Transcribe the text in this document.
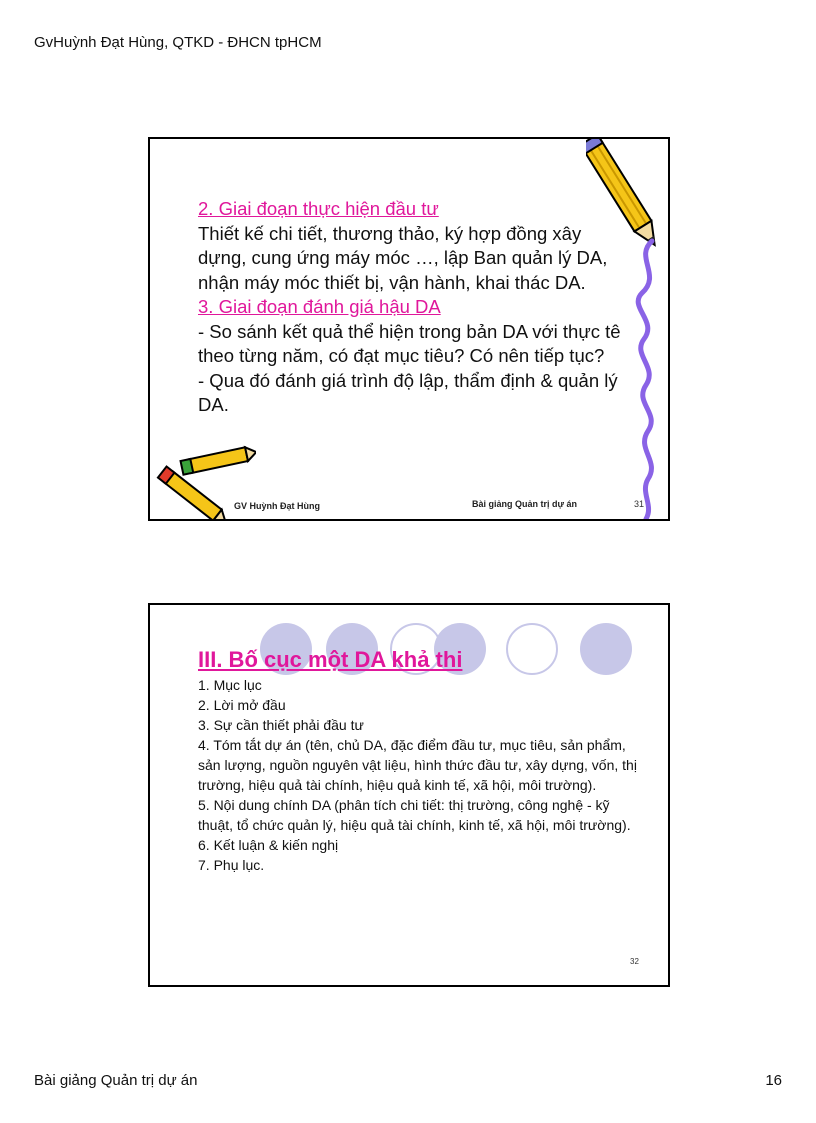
GvHuỳnh Đạt Hùng, QTKD - ĐHCN tpHCM

2. Giai đoạn thực hiện đầu tư

Thiết kế chi tiết, thương thảo, ký hợp đồng xây dựng, cung ứng máy móc …, lập Ban quản lý DA, nhận máy móc thiết bị, vận hành, khai thác DA.

3. Giai đoạn đánh giá hậu DA

- So sánh kết quả thể hiện trong bản DA với thực tê theo từng năm, có đạt mục tiêu? Có nên tiếp tục?

- Qua đó đánh giá trình độ lập, thẩm định & quản lý DA.

GV Huỳnh Đạt Hùng	Bài giảng Quản trị dự án	31
III. Bố cục một DA khả thi
1. Mục lục
2. Lời mở đầu
3. Sự cần thiết phải đầu tư
4. Tóm tắt dự án (tên, chủ DA, đặc điểm đầu tư, mục tiêu, sản phẩm, sản lượng, nguồn nguyên vật liệu, hình thức đầu tư, xây dựng, vốn, thị trường, hiệu quả tài chính, hiệu quả kinh tế, xã hội, môi trường).
5. Nội dung chính DA (phân tích chi tiết: thị trường, công nghệ - kỹ thuật, tổ chức quản lý, hiệu quả tài chính, kinh tế, xã hội, môi trường).
6. Kết luận & kiến nghị
7. Phụ lục.
32
Bài giảng Quản trị dự án	16
